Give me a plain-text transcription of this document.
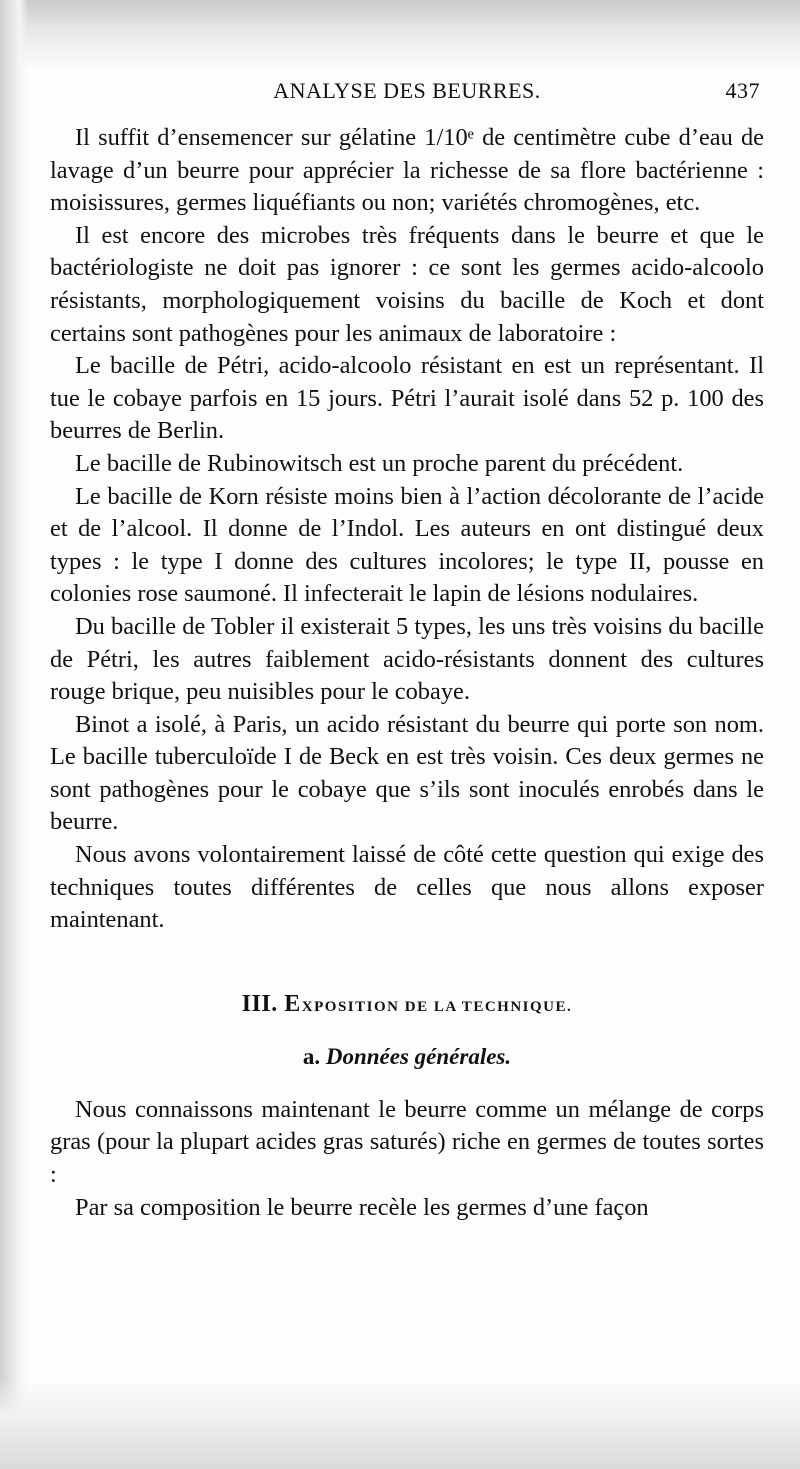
ANALYSE DES BEURRES.	437

Il suffit d’ensemencer sur gélatine 1/10ᵉ de centimètre cube d’eau de lavage d’un beurre pour apprécier la richesse de sa flore bactérienne : moisissures, germes liquéfiants ou non; variétés chromogènes, etc.

Il est encore des microbes très fréquents dans le beurre et que le bactériologiste ne doit pas ignorer : ce sont les germes acido-alcoolo résistants, morphologiquement voisins du bacille de Koch et dont certains sont pathogènes pour les animaux de laboratoire :

Le bacille de Pétri, acido-alcoolo résistant en est un représentant. Il tue le cobaye parfois en 15 jours. Pétri l’aurait isolé dans 52 p. 100 des beurres de Berlin.

Le bacille de Rubinowitsch est un proche parent du précédent.

Le bacille de Korn résiste moins bien à l’action décolorante de l’acide et de l’alcool. Il donne de l’Indol. Les auteurs en ont distingué deux types : le type I donne des cultures incolores; le type II, pousse en colonies rose saumoné. Il infecterait le lapin de lésions nodulaires.

Du bacille de Tobler il existerait 5 types, les uns très voisins du bacille de Pétri, les autres faiblement acido-résistants donnent des cultures rouge brique, peu nuisibles pour le cobaye.

Binot a isolé, à Paris, un acido résistant du beurre qui porte son nom. Le bacille tuberculoïde I de Beck en est très voisin. Ces deux germes ne sont pathogènes pour le cobaye que s’ils sont inoculés enrobés dans le beurre.

Nous avons volontairement laissé de côté cette question qui exige des techniques toutes différentes de celles que nous allons exposer maintenant.

III. EXPOSITION DE LA TECHNIQUE.
a. Données générales.

Nous connaissons maintenant le beurre comme un mélange de corps gras (pour la plupart acides gras saturés) riche en germes de toutes sortes :

Par sa composition le beurre recèle les germes d’une façon
